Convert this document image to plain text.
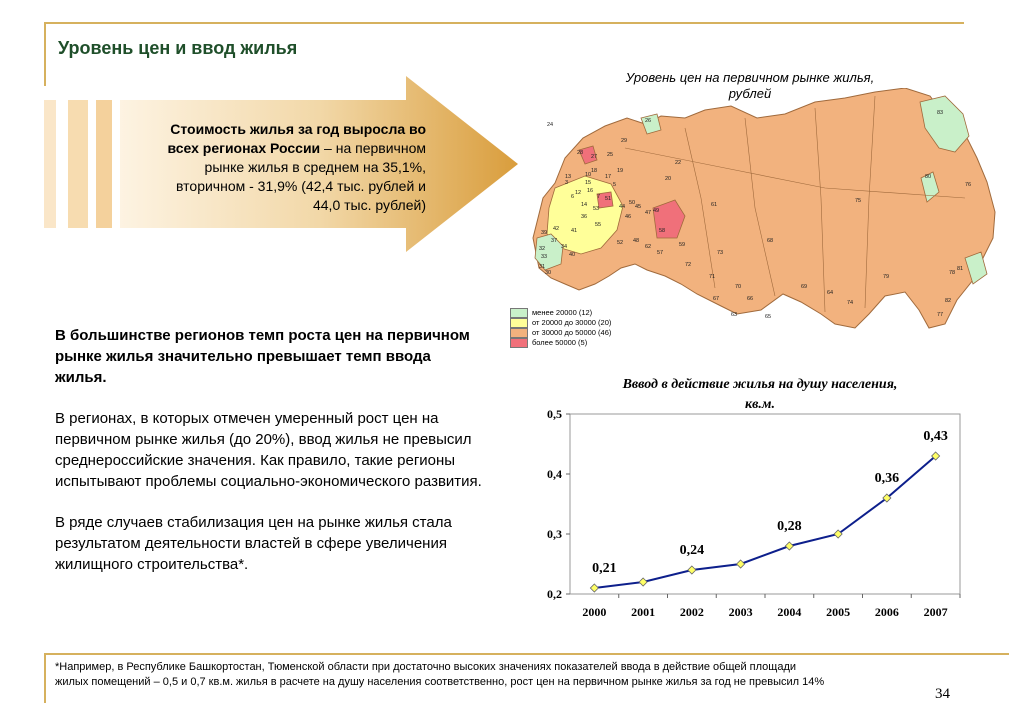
Уровень цен и ввод жилья
Стоимость жилья за год выросла во
всех регионах России – на первичном
рынке жилья в среднем на 35,1%,
вторичном - 31,9% (42,4 тыс. рублей и
44,0 тыс. рублей)

В большинстве регионов темп роста цен на первичном рынке жилья значительно превышает темп ввода жилья.

В регионах, в которых отмечен умеренный рост цен на первичном рынке жилья (до 20%), ввод жилья не превысил среднероссийские значения. Как правило, такие регионы испытывают проблемы социально-экономического развития.

В ряде случаев стабилизация цен на рынке жилья стала результатом деятельности властей в сфере увеличения жилищного строительства*.

Уровень цен на первичном рынке жилья,
рублей
24
26
83
29
28
27 25
19
10
22
18
17
13
15
20
16
12
3
51
6
5
14
53	44
50
7
45
46
47 49
55
36
42 41
52
58
61
39
37
34
32
33
31
30
40
62
57
48
59
72
73
68
80
76
75
71
70	69
64
74
79
78
66
65
67
63
81
82
77
менее 20000 (12)
от 20000 до 30000 (20)
от 30000 до 50000 (46)
более 50000 (5)
Вввод в действие жилья на душу населения,
кв.м.
0,2
0,3
0,4
0,5
2000 2001 2002 2003 2004 2005 2006 2007
0,21
0,24
0,28
0,36
0,43
*Например, в Республике Башкортостан, Тюменской области при достаточно высоких значениях показателей ввода в действие общей площади
жилых помещений – 0,5 и 0,7 кв.м. жилья в расчете на душу населения соответственно, рост цен на первичном рынке жилья за год не превысил 14%
34
